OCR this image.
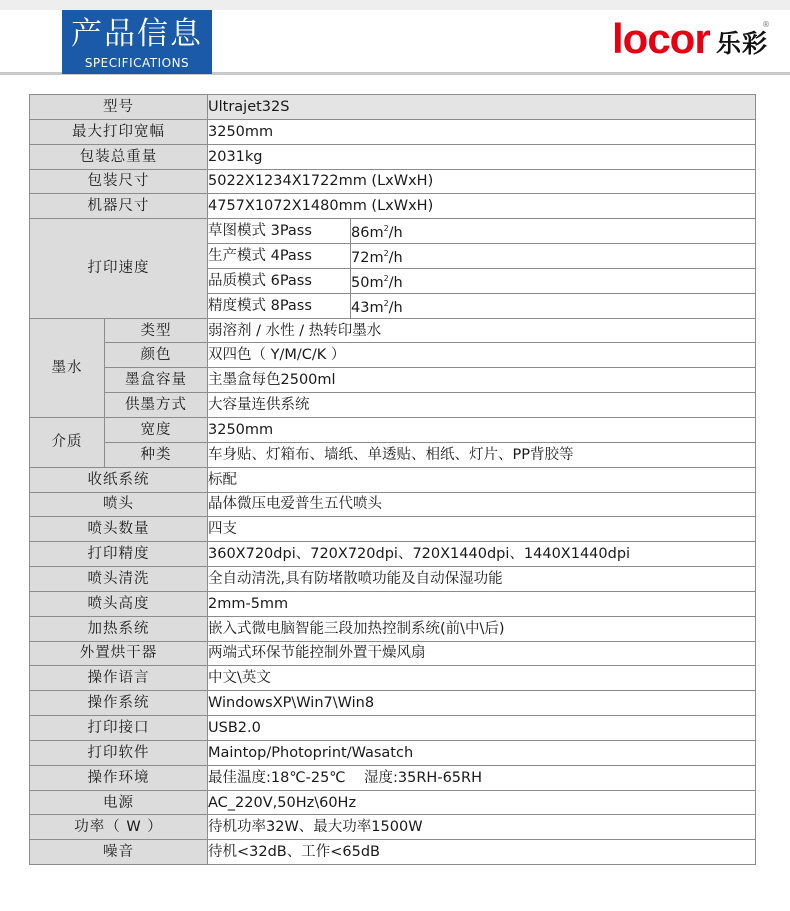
产品信息
SPECIFICATIONS
locor 乐彩
®
型号		Ultrajet32S	
最大打印宽幅		3250mm	
包装总重量		2031kg	
包装尺寸		5022X1234X1722mm (LxWxH)	
机器尺寸		4757X1072X1480mm (LxWxH)	
打印速度		草图模式 3Pass	$86m^2/h$
		生产模式 4Pass	$72m^2/h$
		品质模式 6Pass	$50m^2/h$
		精度模式 8Pass	$43m^2/h$
墨水	类型	弱溶剂 / 水性 / 热转印墨水	
	颜色	双四色（ Y/M/C/K ）	
	墨盒容量	主墨盒每色2500ml	
	供墨方式	大容量连供系统	
介质	宽度	3250mm	
	种类	车身贴、灯箱布、墙纸、单透贴、相纸、灯片、PP背胶等	
收纸系统		标配	
喷头		晶体微压电爱普生五代喷头	
喷头数量		四支	
打印精度		360X720dpi、720X720dpi、720X1440dpi、1440X1440dpi	
喷头清洗		全自动清洗,具有防堵散喷功能及自动保湿功能	
喷头高度		2mm-5mm	
加热系统		嵌入式微电脑智能三段加热控制系统(前\中\后)	
外置烘干器		两端式环保节能控制外置干燥风扇	
操作语言		中文\英文	
操作系统		WindowsXP\Win7\Win8	
打印接口		USB2.0	
打印软件		Maintop/Photoprint/Wasatch	
操作环境		最佳温度:18℃-25℃    湿度:35RH-65RH	
电源		AC_220V,50Hz\60Hz	
功率（ W ）		待机功率32W、最大功率1500W	
噪音		待机<32dB、工作<65dB	
